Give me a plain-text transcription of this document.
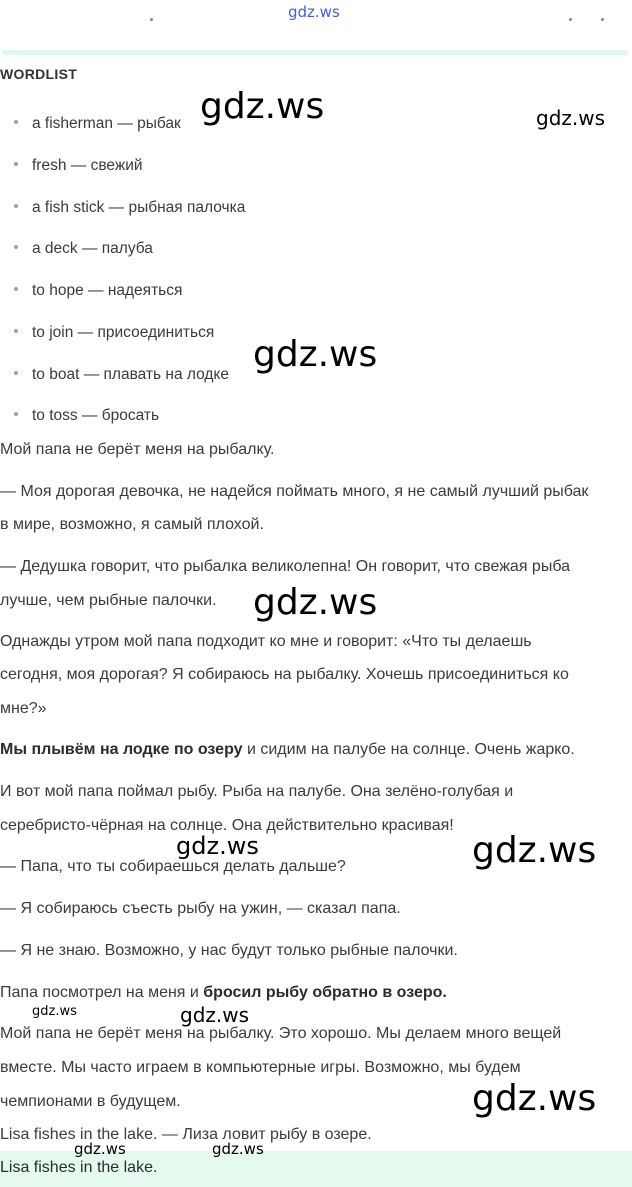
gdz.ws
WORDLIST
a fisherman — рыбак
fresh — свежий
a fish stick — рыбная палочка
a deck — палуба
to hope — надеяться
to join — присоединиться
to boat — плавать на лодке
to toss — бросать
Мой папа не берёт меня на рыбалку.
— Моя дорогая девочка, не надейся поймать много, я не самый лучший рыбак
в мире, возможно, я самый плохой.
— Дедушка говорит, что рыбалка великолепна! Он говорит, что свежая рыба
лучше, чем рыбные палочки.
Однажды утром мой папа подходит ко мне и говорит: «Что ты делаешь
сегодня, моя дорогая? Я собираюсь на рыбалку. Хочешь присоединиться ко
мне?»
Мы плывём на лодке по озеру и сидим на палубе на солнце. Очень жарко.
И вот мой папа поймал рыбу. Рыба на палубе. Она зелёно-голубая и
серебристо-чёрная на солнце. Она действительно красивая!
— Папа, что ты собираешься делать дальше?
— Я собираюсь съесть рыбу на ужин, — сказал папа.
— Я не знаю. Возможно, у нас будут только рыбные палочки.
Папа посмотрел на меня и бросил рыбу обратно в озеро.
Мой папа не берёт меня на рыбалку. Это хорошо. Мы делаем много вещей
вместе. Мы часто играем в компьютерные игры. Возможно, мы будем
чемпионами в будущем.
Lisa fishes in the lake. — Лиза ловит рыбу в озере.
Lisa fishes in the lake.
gdz.ws	gdz.ws
gdz.ws
gdz.ws
gdz.ws	gdz.ws
gdz.ws
gdz.ws
gdz.ws
gdz.ws	gdz.ws
